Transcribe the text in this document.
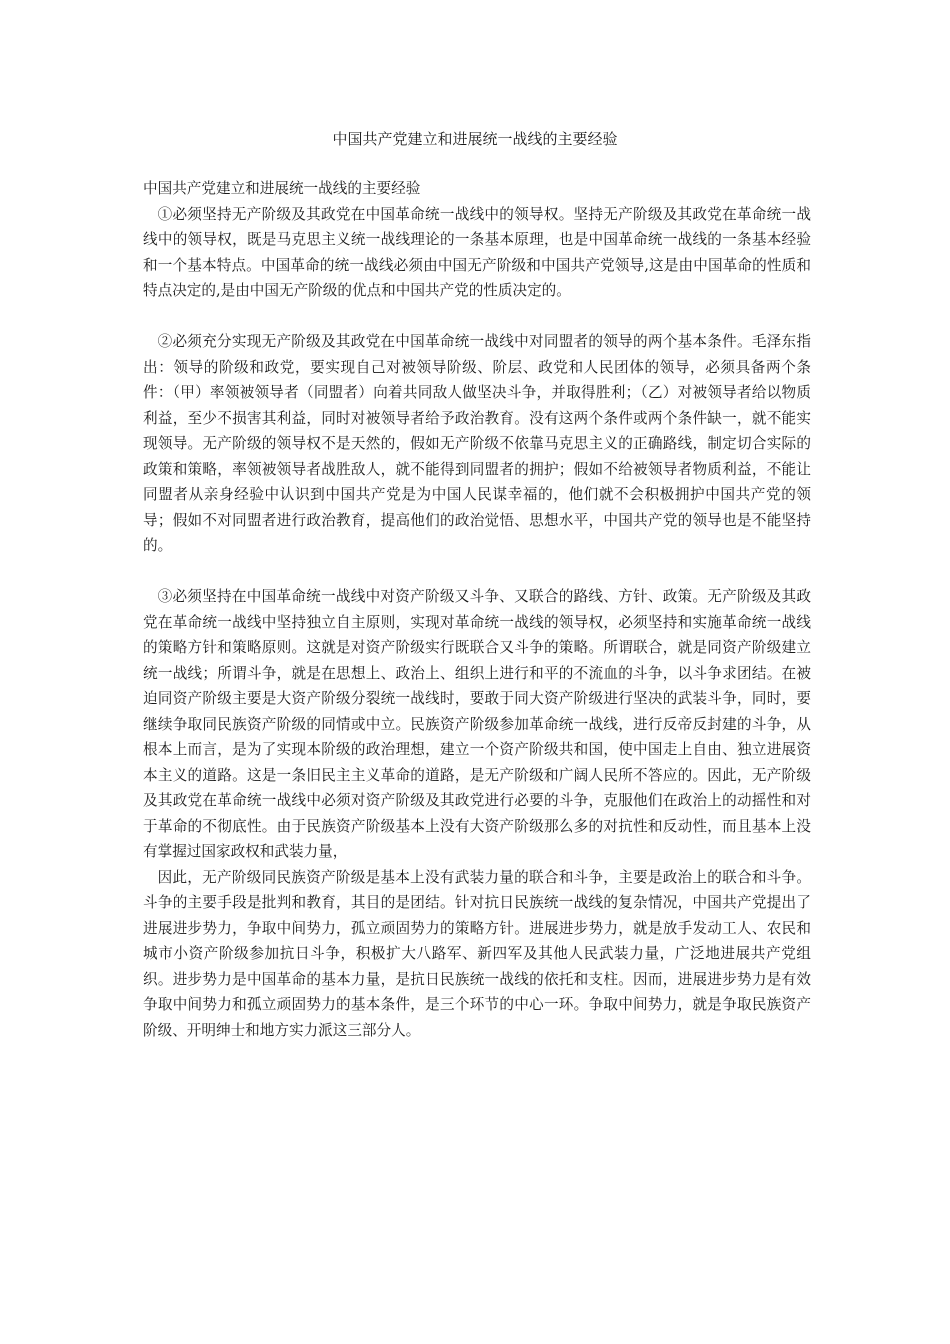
中国共产党建立和进展统一战线的主要经验

中国共产党建立和进展统一战线的主要经验

①必须坚持无产阶级及其政党在中国革命统一战线中的领导权。坚持无产阶级及其政党在革命统一战线中的领导权，既是马克思主义统一战线理论的一条基本原理，也是中国革命统一战线的一条基本经验和一个基本特点。中国革命的统一战线必须由中国无产阶级和中国共产党领导,这是由中国革命的性质和特点决定的,是由中国无产阶级的优点和中国共产党的性质决定的。

②必须充分实现无产阶级及其政党在中国革命统一战线中对同盟者的领导的两个基本条件。毛泽东指出：领导的阶级和政党，要实现自己对被领导阶级、阶层、政党和人民团体的领导，必须具备两个条件：（甲）率领被领导者（同盟者）向着共同敌人做坚决斗争，并取得胜利；（乙）对被领导者给以物质利益，至少不损害其利益，同时对被领导者给予政治教育。没有这两个条件或两个条件缺一，就不能实现领导。无产阶级的领导权不是天然的，假如无产阶级不依靠马克思主义的正确路线，制定切合实际的政策和策略，率领被领导者战胜敌人，就不能得到同盟者的拥护；假如不给被领导者物质利益，不能让同盟者从亲身经验中认识到中国共产党是为中国人民谋幸福的，他们就不会积极拥护中国共产党的领导；假如不对同盟者进行政治教育，提高他们的政治觉悟、思想水平，中国共产党的领导也是不能坚持的。

③必须坚持在中国革命统一战线中对资产阶级又斗争、又联合的路线、方针、政策。无产阶级及其政党在革命统一战线中坚持独立自主原则，实现对革命统一战线的领导权，必须坚持和实施革命统一战线的策略方针和策略原则。这就是对资产阶级实行既联合又斗争的策略。所谓联合，就是同资产阶级建立统一战线；所谓斗争，就是在思想上、政治上、组织上进行和平的不流血的斗争，以斗争求团结。在被迫同资产阶级主要是大资产阶级分裂统一战线时，要敢于同大资产阶级进行坚决的武装斗争，同时，要继续争取同民族资产阶级的同情或中立。民族资产阶级参加革命统一战线，进行反帝反封建的斗争，从根本上而言，是为了实现本阶级的政治理想，建立一个资产阶级共和国，使中国走上自由、独立进展资本主义的道路。这是一条旧民主主义革命的道路，是无产阶级和广阔人民所不答应的。因此，无产阶级及其政党在革命统一战线中必须对资产阶级及其政党进行必要的斗争，克服他们在政治上的动摇性和对于革命的不彻底性。由于民族资产阶级基本上没有大资产阶级那么多的对抗性和反动性，而且基本上没有掌握过国家政权和武装力量，

因此，无产阶级同民族资产阶级是基本上没有武装力量的联合和斗争，主要是政治上的联合和斗争。斗争的主要手段是批判和教育，其目的是团结。针对抗日民族统一战线的复杂情况，中国共产党提出了进展进步势力，争取中间势力，孤立顽固势力的策略方针。进展进步势力，就是放手发动工人、农民和城市小资产阶级参加抗日斗争，积极扩大八路军、新四军及其他人民武装力量，广泛地进展共产党组织。进步势力是中国革命的基本力量，是抗日民族统一战线的依托和支柱。因而，进展进步势力是有效争取中间势力和孤立顽固势力的基本条件，是三个环节的中心一环。争取中间势力，就是争取民族资产阶级、开明绅士和地方实力派这三部分人。
